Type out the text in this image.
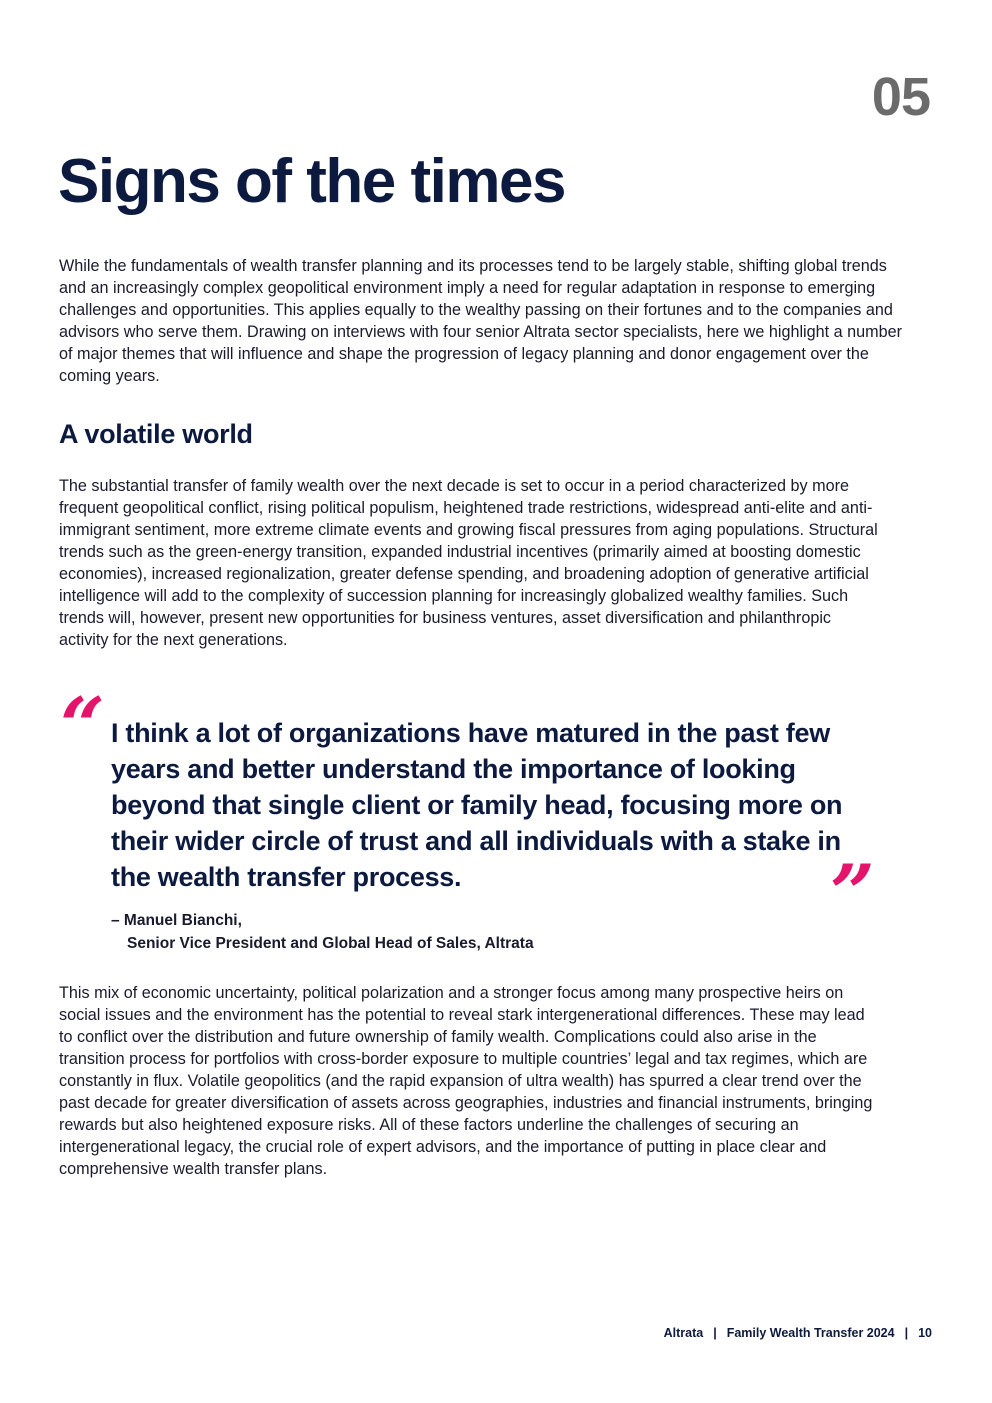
05
Signs of the times

While the fundamentals of wealth transfer planning and its processes tend to be largely stable, shifting global trends and an increasingly complex geopolitical environment imply a need for regular adaptation in response to emerging challenges and opportunities. This applies equally to the wealthy passing on their fortunes and to the companies and advisors who serve them. Drawing on interviews with four senior Altrata sector specialists, here we highlight a number of major themes that will influence and shape the progression of legacy planning and donor engagement over the coming years.

A volatile world

The substantial transfer of family wealth over the next decade is set to occur in a period characterized by more frequent geopolitical conflict, rising political populism, heightened trade restrictions, widespread anti-elite and anti-immigrant sentiment, more extreme climate events and growing fiscal pressures from aging populations. Structural trends such as the green-energy transition, expanded industrial incentives (primarily aimed at boosting domestic economies), increased regionalization, greater defense spending, and broadening adoption of generative artificial intelligence will add to the complexity of succession planning for increasingly globalized wealthy families. Such trends will, however, present new opportunities for business ventures, asset diversification and philanthropic activity for the next generations.

“ I think a lot of organizations have matured in the past few years and better understand the importance of looking beyond that single client or family head, focusing more on their wider circle of trust and all individuals with a stake in the wealth transfer process.	”
– Manuel Bianchi,
Senior Vice President and Global Head of Sales, Altrata

This mix of economic uncertainty, political polarization and a stronger focus among many prospective heirs on social issues and the environment has the potential to reveal stark intergenerational differences. These may lead to conflict over the distribution and future ownership of family wealth. Complications could also arise in the transition process for portfolios with cross-border exposure to multiple countries’ legal and tax regimes, which are constantly in flux. Volatile geopolitics (and the rapid expansion of ultra wealth) has spurred a clear trend over the past decade for greater diversification of assets across geographies, industries and financial instruments, bringing rewards but also heightened exposure risks. All of these factors underline the challenges of securing an intergenerational legacy, the crucial role of expert advisors, and the importance of putting in place clear and comprehensive wealth transfer plans.

Altrata | Family Wealth Transfer 2024 | 10
